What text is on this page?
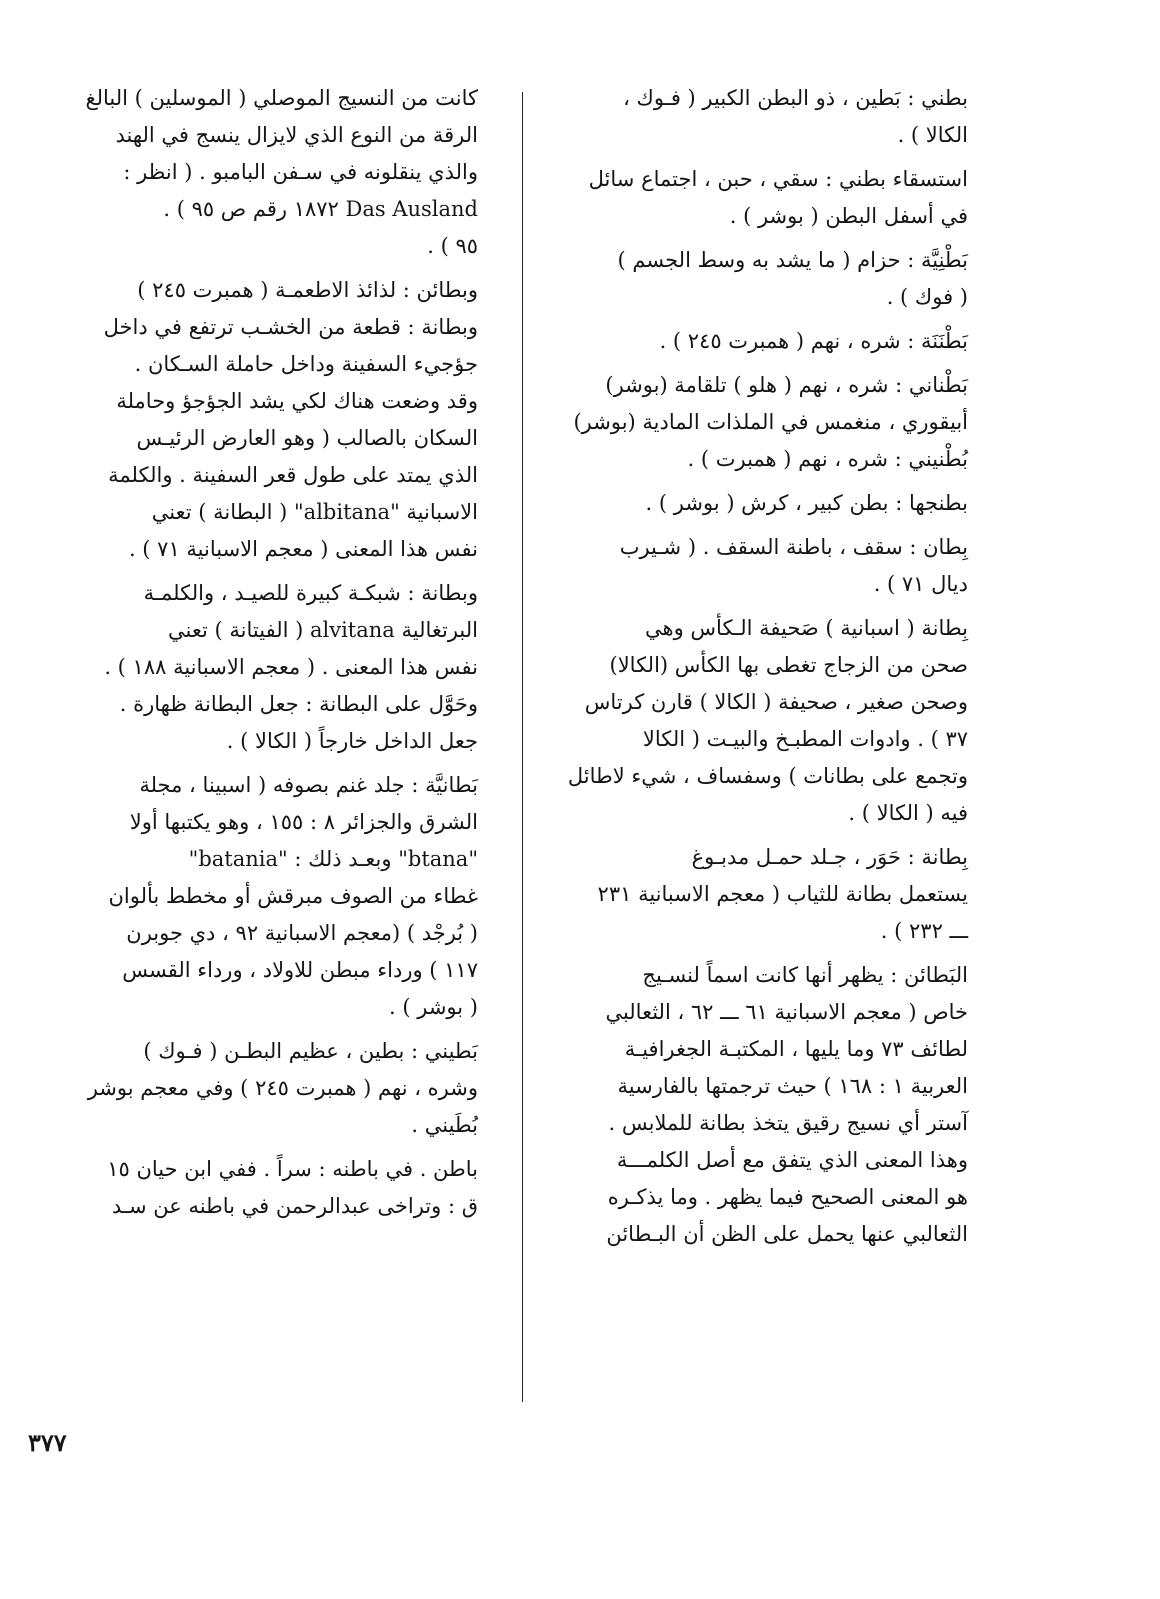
بطني : بَطين ، ذو البطن الكبير ( فـوك ،
الكالا ) .

استسقاء بطني : سقي ، حبن ، اجتماع سائل
في أسفل البطن ( بوشر ) .

بَطْنِيَّة : حزام ( ما يشد به وسط الجسم )
( فوك ) .

بَطْنَنَة : شره ، نهم ( همبرت ٢٤٥ ) .

بَطْناني : شره ، نهم ( هلو ) تلقامة (بوشر)
أبيقوري ، منغمس في الملذات المادية (بوشر)
بُطْنيني : شره ، نهم ( همبرت ) .

بطنجها : بطن كبير ، كرش ( بوشر ) .

بِطان : سقف ، باطنة السقف . ( شـيرب
ديال ٧١ ) .

بِطانة ( اسبانية ) صَحيفة الـكأس وهي
صحن من الزجاج تغطى بها الكأس (الكالا)
وصحن صغير ، صحيفة ( الكالا ) قارن كرتاس
٣٧ ) . وادوات المطبـخ والبيـت ( الكالا
وتجمع على بطانات ) وسفساف ، شيء لاطائل
فيه ( الكالا ) .

بِطانة : حَوَر ، جـلد حمـل مدبـوغ
يستعمل بطانة للثياب ( معجم الاسبانية ٢٣١
ـــ ٢٣٢ ) .

البَطائن : يظهر أنها كانت اسماً لنسـيج
خاص ( معجم الاسبانية ٦١ ـــ ٦٢ ، الثعالبي
لطائف ٧٣ وما يليها ، المكتبـة الجغرافيـة
العربية ١ : ١٦٨ ) حيث ترجمتها بالفارسية
آستر أي نسيج رقيق يتخذ بطانة للملابس .
وهذا المعنى الذي يتفق مع أصل الكلمـــة
هو المعنى الصحيح فيما يظهر . وما يذكـره
الثعالبي عنها يحمل على الظن أن البـطائن

كانت من النسيج الموصلي ( الموسلين ) البالغ
الرقة من النوع الذي لايزال ينسج في الهند
والذي ينقلونه في سـفن البامبو . ( انظر :
Das Ausland ١٨٧٢ رقم ص ٩٥ ) .
٩٥ ) .

وبطائن : لذائذ الاطعمـة ( همبرت ٢٤٥ )
وبطانة : قطعة من الخشـب ترتفع في داخل
جؤجيء السفينة وداخل حاملة السـكان .
وقد وضعت هناك لكي يشد الجؤجؤ وحاملة
السكان بالصالب ( وهو العارض الرئيـس
الذي يمتد على طول قعر السفينة . والكلمة
الاسبانية "albitana" ( البطانة ) تعني
نفس هذا المعنى ( معجم الاسبانية ٧١ ) .

وبطانة : شبكـة كبيرة للصيـد ، والكلمـة
البرتغالية alvitana ( الفيتانة ) تعني
نفس هذا المعنى . ( معجم الاسبانية ١٨٨ ) .
وحَوَّل على البطانة : جعل البطانة ظهارة .
جعل الداخل خارجاً ( الكالا ) .

بَطانيَّة : جلد غنم بصوفه ( اسبينا ، مجلة
الشرق والجزائر ٨ : ١٥٥ ، وهو يكتبها أولا
"btana" وبعـد ذلك : "batania"
غطاء من الصوف مبرقش أو مخطط بألوان
( بُرجْد ) (معجم الاسبانية ٩٢ ، دي جوبرن
١١٧ ) ورداء مبطن للاولاد ، ورداء القسس
( بوشر ) .

بَطيني : بطين ، عظيم البطـن ( فـوك )
وشره ، نهم ( همبرت ٢٤٥ ) وفي معجم بوشر
بُطَيني .

باطن . في باطنه : سراً . ففي ابن حيان ١٥
ق : وتراخى عبدالرحمن في باطنه عن سـد

٣٧٧
